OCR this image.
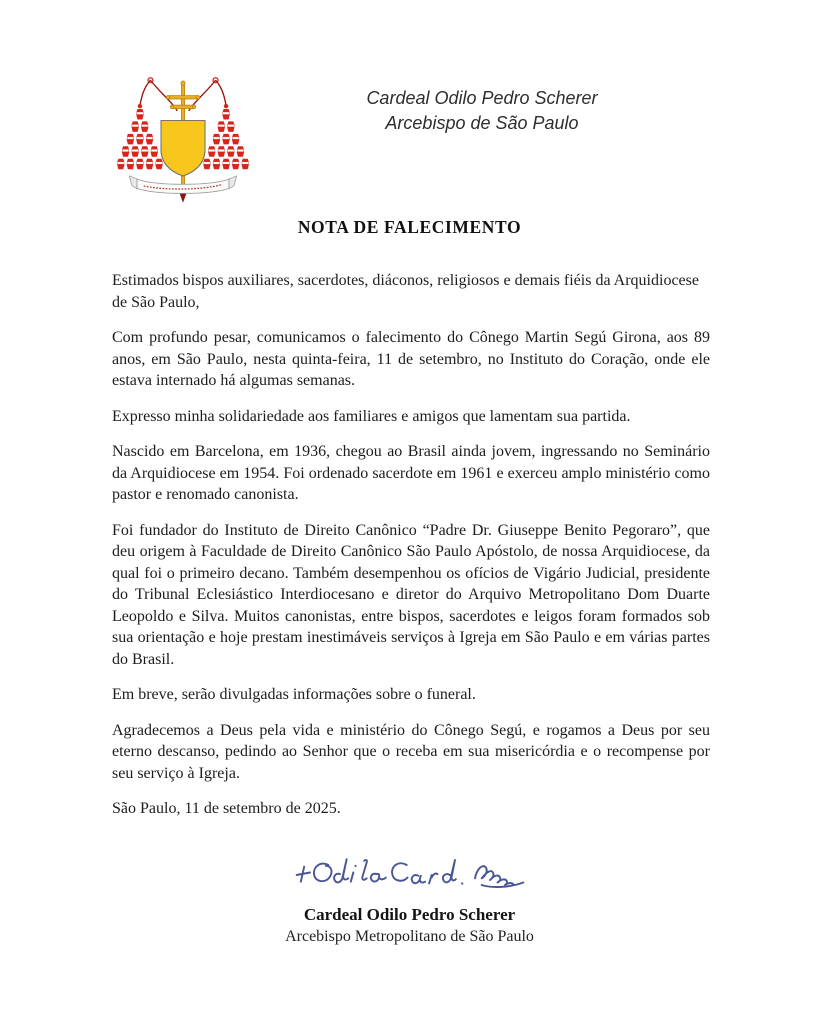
Cardeal Odilo Pedro Scherer
Arcebispo de São Paulo
NOTA DE FALECIMENTO

Estimados bispos auxiliares, sacerdotes, diáconos, religiosos e demais fiéis da Arquidiocese de São Paulo,

Com profundo pesar, comunicamos o falecimento do Cônego Martin Segú Girona, aos 89 anos, em São Paulo, nesta quinta-feira, 11 de setembro, no Instituto do Coração, onde ele estava internado há algumas semanas.

Expresso minha solidariedade aos familiares e amigos que lamentam sua partida.

Nascido em Barcelona, em 1936, chegou ao Brasil ainda jovem, ingressando no Seminário da Arquidiocese em 1954. Foi ordenado sacerdote em 1961 e exerceu amplo ministério como pastor e renomado canonista.

Foi fundador do Instituto de Direito Canônico “Padre Dr. Giuseppe Benito Pegoraro”, que deu origem à Faculdade de Direito Canônico São Paulo Apóstolo, de nossa Arquidiocese, da qual foi o primeiro decano. Também desempenhou os ofícios de Vigário Judicial, presidente do Tribunal Eclesiástico Interdiocesano e diretor do Arquivo Metropolitano Dom Duarte Leopoldo e Silva. Muitos canonistas, entre bispos, sacerdotes e leigos foram formados sob sua orientação e hoje prestam inestimáveis serviços à Igreja em São Paulo e em várias partes do Brasil.

Em breve, serão divulgadas informações sobre o funeral.

Agradecemos a Deus pela vida e ministério do Cônego Segú, e rogamos a Deus por seu eterno descanso, pedindo ao Senhor que o receba em sua misericórdia e o recompense por seu serviço à Igreja.

São Paulo, 11 de setembro de 2025.

Cardeal Odilo Pedro Scherer
Arcebispo Metropolitano de São Paulo
